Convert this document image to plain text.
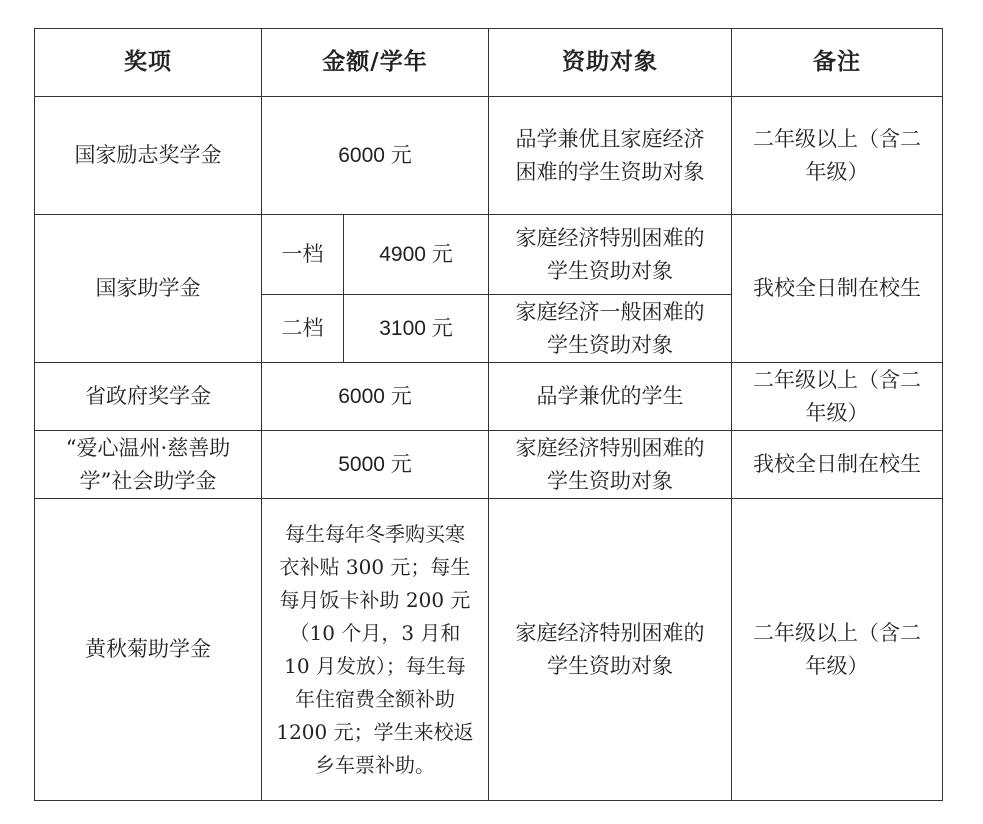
奖项	金额/学年		资助对象	备注
国家励志奖学金	6000 元		品学兼优且家庭经济困难的学生资助对象	二年级以上（含二年级）
国家助学金	一档	4900 元	家庭经济特别困难的学生资助对象	我校全日制在校生
	二档	3100 元	家庭经济一般困难的学生资助对象	
省政府奖学金	6000 元		品学兼优的学生	二年级以上（含二年级）
“爱心温州·慈善助学”社会助学金	5000 元		家庭经济特别困难的学生资助对象	我校全日制在校生
黄秋菊助学金	每生每年冬季购买寒衣补贴 300 元；每生每月饭卡补助 200 元（10 个月，3 月和 10 月发放）；每生每年住宿费全额补助 1200 元；学生来校返乡车票补助。		家庭经济特别困难的学生资助对象	二年级以上（含二年级）
